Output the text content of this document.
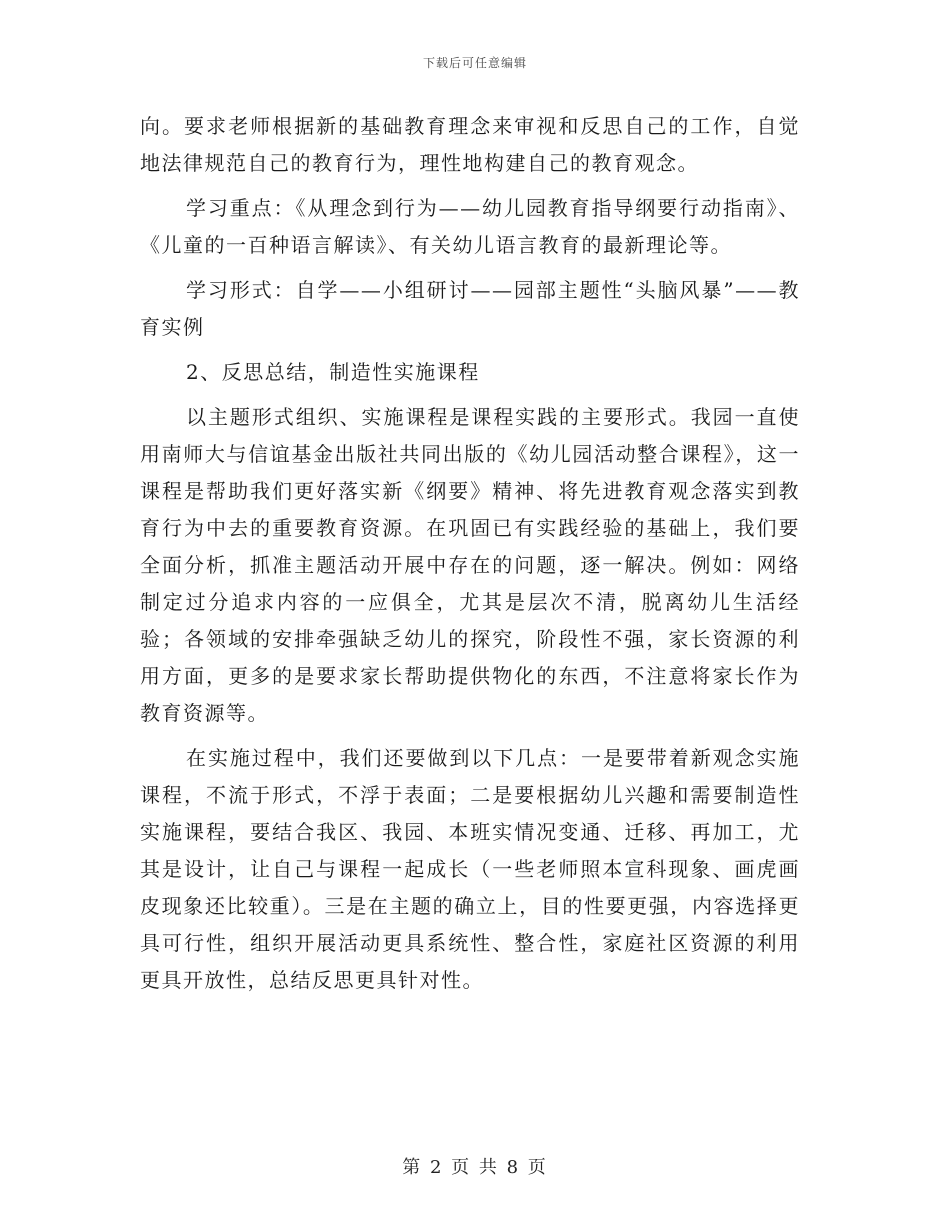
下载后可任意编辑

向。要求老师根据新的基础教育理念来审视和反思自己的工作，自觉地法律规范自己的教育行为，理性地构建自己的教育观念。

学习重点：《从理念到行为——幼儿园教育指导纲要行动指南》、《儿童的一百种语言解读》、有关幼儿语言教育的最新理论等。

学习形式：自学——小组研讨——园部主题性“头脑风暴”——教育实例

2、反思总结，制造性实施课程

以主题形式组织、实施课程是课程实践的主要形式。我园一直使用南师大与信谊基金出版社共同出版的《幼儿园活动整合课程》，这一课程是帮助我们更好落实新《纲要》精神、将先进教育观念落实到教育行为中去的重要教育资源。在巩固已有实践经验的基础上，我们要全面分析，抓准主题活动开展中存在的问题，逐一解决。例如：网络制定过分追求内容的一应俱全，尤其是层次不清，脱离幼儿生活经验；各领域的安排牵强缺乏幼儿的探究，阶段性不强，家长资源的利用方面，更多的是要求家长帮助提供物化的东西，不注意将家长作为教育资源等。

在实施过程中，我们还要做到以下几点：一是要带着新观念实施课程，不流于形式，不浮于表面；二是要根据幼儿兴趣和需要制造性实施课程，要结合我区、我园、本班实情况变通、迁移、再加工，尤其是设计，让自己与课程一起成长（一些老师照本宣科现象、画虎画皮现象还比较重）。三是在主题的确立上，目的性要更强，内容选择更具可行性，组织开展活动更具系统性、整合性，家庭社区资源的利用更具开放性，总结反思更具针对性。

第 2 页 共 8 页
